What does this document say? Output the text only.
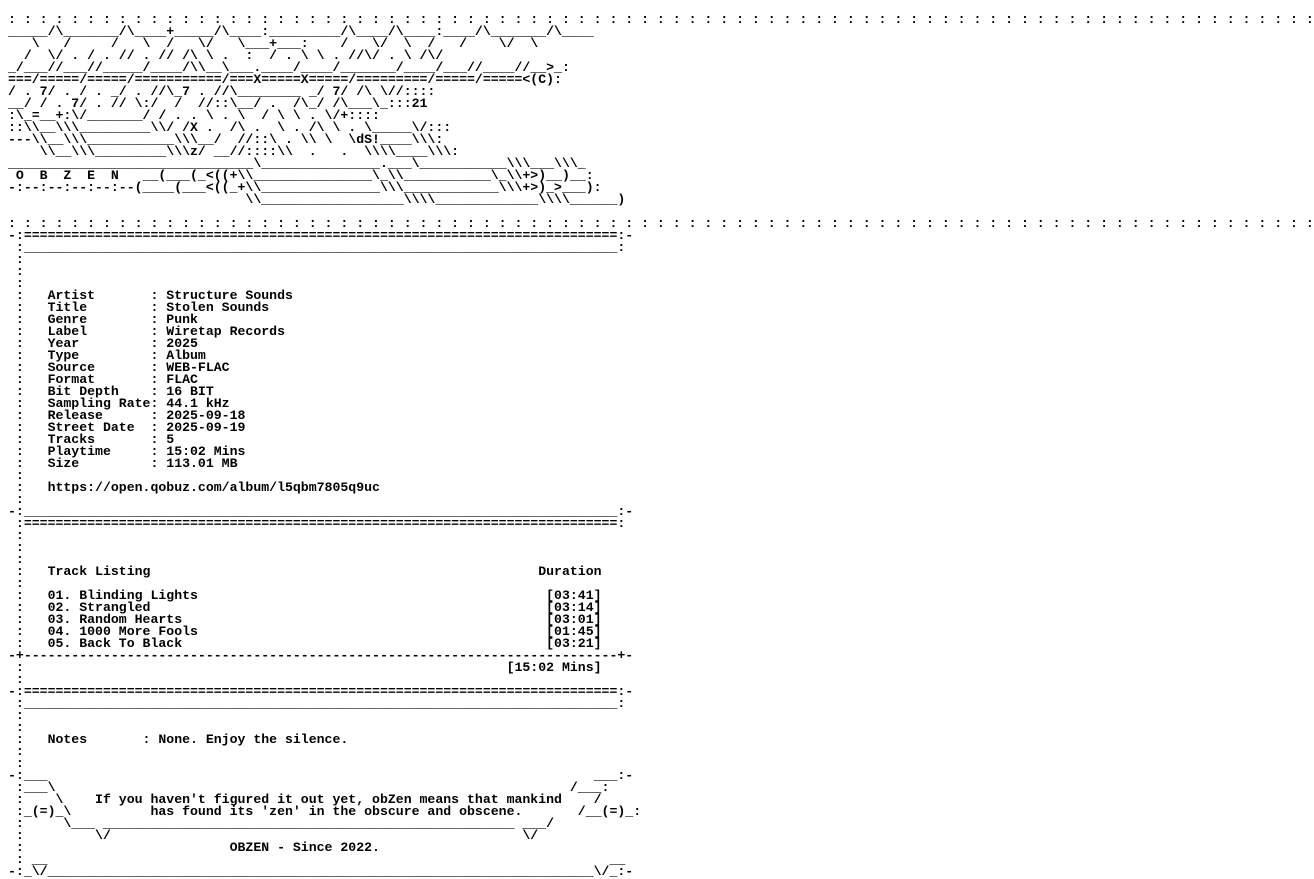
: : : : : : : : : : : : : : : : : : : : : : : : : : : : : : : : : : : : : : : : : : : : : : : : : : : : : : : : : : : : : : : : : : : : : : : : : : : : : : : : : : :
_____/\_______/\____+_____/\____:_________/\____/\____:____/\_______/\____
\   /     /   \  /   \/   \___+___:    /   \/  \  /   /    \/  \
/  \/ . / . // . // /\ \ .  :  / . \ \ . //\/ . \ /\/
_/___//___//_____/____/\\__\___.____/____/_______/____/___//____//__>_:
===/=====/=====/===========/===X=====X=====/=========/=====/=====<(C):
/ . 7/ . / . _/ . //\_7 . //\________ _/ 7/ /\ \//::::
__/ / . 7/ . // \:/  /  //::\__/ .  /\_/ /\___\_:::21
:\_=__+:\/_______/ / . . \ . \  / \ \ . \/+::::
::\\__\\\_________\\/ /X .  /\ .  \ . /\ \ . \_____\/:::
---\\__\\\___________\\\__/  //::\ . \\ \  \dS!____\\\:
\\__\\\_________\\\z/ __//::::\\  .   .  \\\\____\\\:
_______________________________\_______________.___\___________\\\___\\\_
O  B  Z  E  N   __(___(_<((+\\_______________\_\\___________\_\\+>)__)__:
-:--:--:--:--:--(____(___<((_+\\_______________\\\____________\\\+>)_>___):
\\__________________\\\\_____________\\\\______)
: : : : : : : : : : : : : : : : : : : : : : : : : : : : : : : : : : : : : : : : : : : : : : : : : : : : : : : : : : : : : : : : : : : : : : : : : : : : : : : : : : :
-:===========================================================================:-
:___________________________________________________________________________:
:
:
:
:   Artist       : Structure Sounds
:   Title        : Stolen Sounds
:   Genre        : Punk
:   Label        : Wiretap Records
:   Year         : 2025
:   Type         : Album
:   Source       : WEB-FLAC
:   Format       : FLAC
:   Bit Depth    : 16 BIT
:   Sampling Rate: 44.1 kHz
:   Release      : 2025-09-18
:   Street Date  : 2025-09-19
:   Tracks       : 5
:   Playtime     : 15:02 Mins
:   Size         : 113.01 MB
:
:   https://open.qobuz.com/album/l5qbm7805q9uc
:
-:___________________________________________________________________________:-
:===========================================================================:
:
:
:
:   Track Listing                                                 Duration
:
:   01. Blinding Lights                                            [03:41]
:   02. Strangled                                                  [03:14]
:   03. Random Hearts                                              [03:01]
:   04. 1000 More Fools                                            [01:45]
:   05. Back To Black                                              [03:21]
-+---------------------------------------------------------------------------+-
:                                                             [15:02 Mins]
:
-:===========================================================================:-
:___________________________________________________________________________:
:
:
:   Notes       : None. Enjoy the silence.
:
:
-:___                                                                     ___:-
:___\                                                                 /___:
:    \    If you haven't figured it out yet, obZen means that mankind    /
:_(=)_\          has found its 'zen' in the obscure and obscene.       /__(=)_:
:     \___ ____________________________________________________ ___/
:         \/                                                    \/
:                          OBZEN - Since 2022.
: __                                                                       __
-:_\/_____________________________________________________________________\/_:-
